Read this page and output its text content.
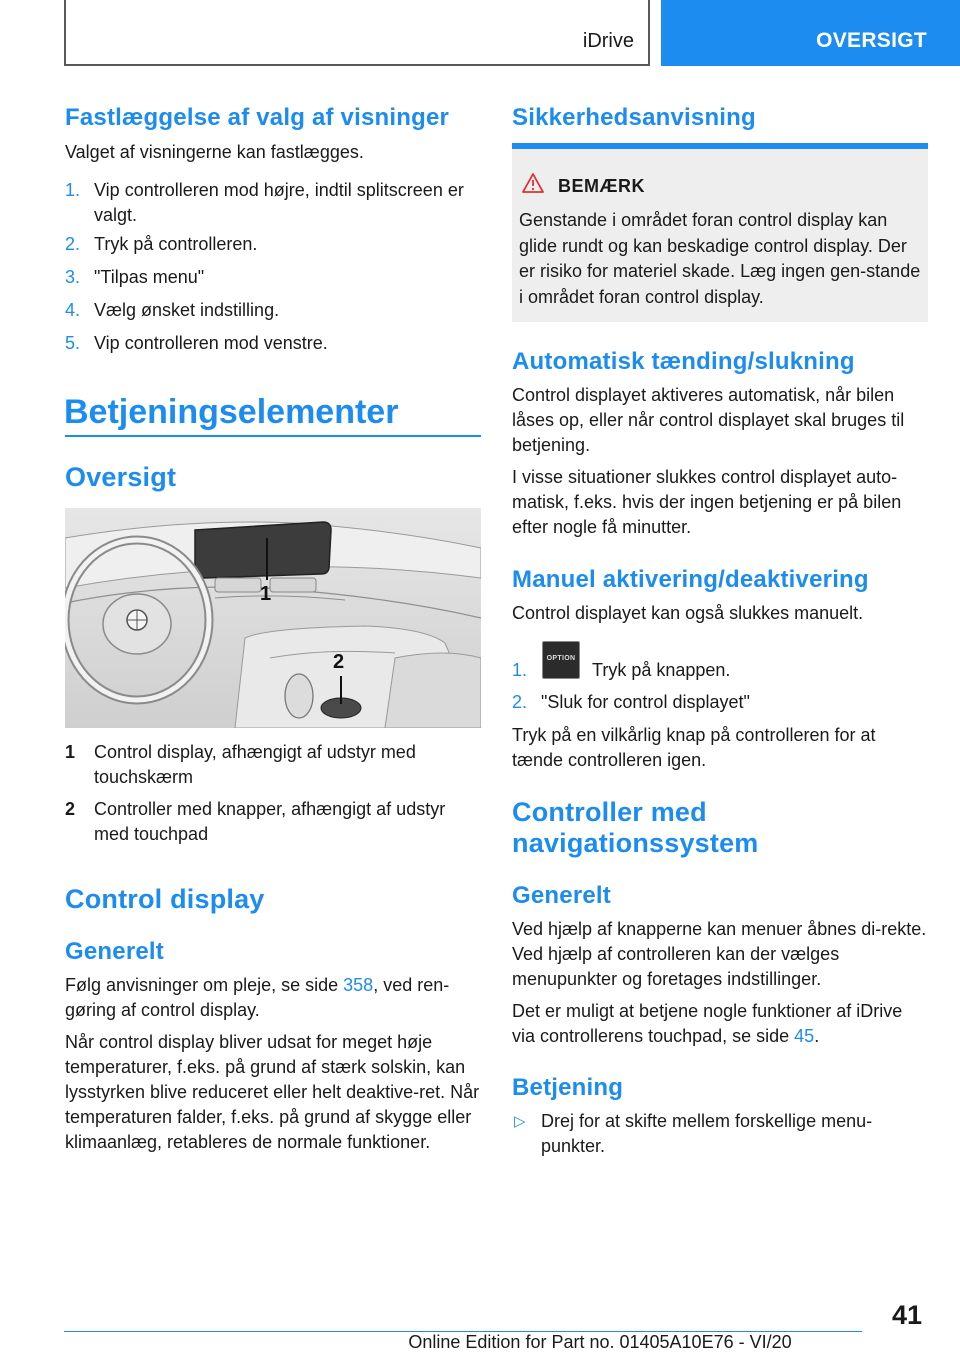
iDrive	OVERSIGT
Fastlæggelse af valg af visninger
Valget af visningerne kan fastlægges.
1. Vip controlleren mod højre, indtil splitscreen er valgt.
2. Tryk på controlleren.
3. "Tilpas menu"
4. Vælg ønsket indstilling.
5. Vip controlleren mod venstre.
Betjeningselementer
Oversigt
1
2
1 Control display, afhængigt af udstyr med touchskærm
2 Controller med knapper, afhængigt af udstyr med touchpad
Control display
Generelt
Følg anvisninger om pleje, se side 358, ved ren-gøring af control display.
Når control display bliver udsat for meget høje temperaturer, f.eks. på grund af stærk solskin, kan lysstyrken blive reduceret eller helt deaktive-ret. Når temperaturen falder, f.eks. på grund af skygge eller klimaanlæg, retableres de normale funktioner.
Sikkerhedsanvisning
BEMÆRK
Genstande i området foran control display kan glide rundt og kan beskadige control display. Der er risiko for materiel skade. Læg ingen gen-stande i området foran control display.
Automatisk tænding/slukning
Control displayet aktiveres automatisk, når bilen låses op, eller når control displayet skal bruges til betjening.
I visse situationer slukkes control displayet auto-matisk, f.eks. hvis der ingen betjening er på bilen efter nogle få minutter.
Manuel aktivering/deaktivering
Control displayet kan også slukkes manuelt.
1.	Tryk på knappen.
OPTION
2. "Sluk for control displayet"
Tryk på en vilkårlig knap på controlleren for at tænde controlleren igen.
Controller med navigationssystem
Generelt
Ved hjælp af knapperne kan menuer åbnes di-rekte. Ved hjælp af controlleren kan der vælges menupunkter og foretages indstillinger.
Det er muligt at betjene nogle funktioner af iDrive via controllerens touchpad, se side 45.
Betjening
▷ Drej for at skifte mellem forskellige menu-punkter.
41
Online Edition for Part no. 01405A10E76 - VI/20
